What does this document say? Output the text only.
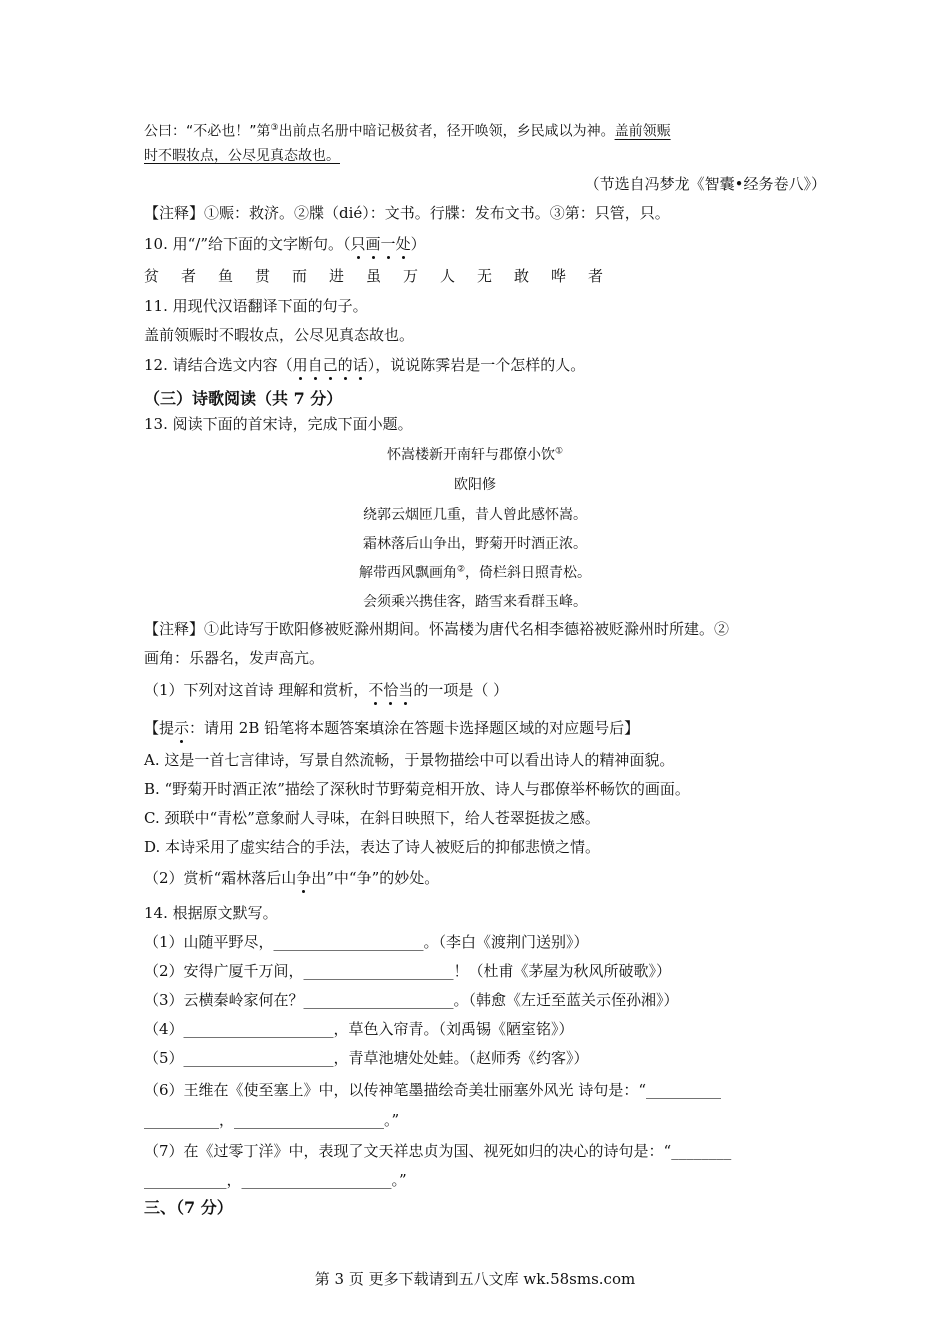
公曰：“不必也！”第③出前点名册中暗记极贫者，径开唤领，乡民咸以为神。盖前领赈
时不暇妆点，公尽见真态故也。
（节选自冯梦龙《智囊•经务卷八》）
【注释】①赈：救济。②牒（dié）：文书。行牒：发布文书。③第：只管，只。
10. 用“/”给下面的文字断句。（只画一处）
贫 者 鱼 贯 而 进 虽 万 人 无 敢 哗 者
11. 用现代汉语翻译下面的句子。
盖前领赈时不暇妆点，公尽见真态故也。
12. 请结合选文内容（用自己的话），说说陈霁岩是一个怎样的人。
（三）诗歌阅读（共 7 分）
13. 阅读下面的首宋诗，完成下面小题。
怀嵩楼新开南轩与郡僚小饮①
欧阳修
绕郭云烟匝几重，昔人曾此感怀嵩。
霜林落后山争出，野菊开时酒正浓。
解带西风飘画角②，倚栏斜日照青松。
会须乘兴携佳客，踏雪来看群玉峰。
【注释】①此诗写于欧阳修被贬滁州期间。怀嵩楼为唐代名相李德裕被贬滁州时所建。②
画角：乐器名，发声高亢。
（1）下列对这首诗 理解和赏析，不恰当的一项是（ ）
【提示：请用 2B 铅笔将本题答案填涂在答题卡选择题区域的对应题号后】
A. 这是一首七言律诗，写景自然流畅，于景物描绘中可以看出诗人的精神面貌。
B. “野菊开时酒正浓”描绘了深秋时节野菊竞相开放、诗人与郡僚举杯畅饮的画面。
C. 颈联中“青松”意象耐人寻味，在斜日映照下，给人苍翠挺拔之感。
D. 本诗采用了虚实结合的手法，表达了诗人被贬后的抑郁悲愤之情。
（2）赏析“霜林落后山争出”中“争”的妙处。
14. 根据原文默写。
（1）山随平野尽，____________________。（李白《渡荆门送别》）
（2）安得广厦千万间，____________________！（杜甫《茅屋为秋风所破歌》）
（3）云横秦岭家何在？____________________。（韩愈《左迁至蓝关示侄孙湘》）
（4）____________________，草色入帘青。（刘禹锡《陋室铭》）
（5）____________________，青草池塘处处蛙。（赵师秀《约客》）
（6）王维在《使至塞上》中，以传神笔墨描绘奇美壮丽塞外风光 诗句是：“__________
__________，____________________。”
（7）在《过零丁洋》中，表现了文天祥忠贞为国、视死如归的决心的诗句是：“________
___________，____________________。”
三、（7 分）
第 3 页 更多下载请到五八文库 wk.58sms.com
